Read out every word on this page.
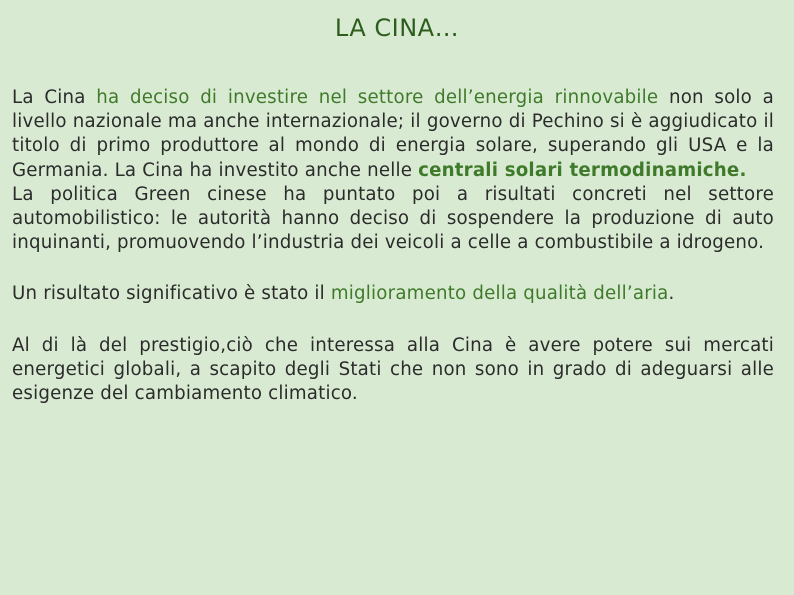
LA CINA…

La Cina ha deciso di investire nel settore dell’energia rinnovabile non solo a livello nazionale ma anche internazionale; il governo di Pechino si è aggiudicato il titolo di primo produttore al mondo di energia solare, superando gli USA e la Germania. La Cina ha investito anche nelle centrali solari termodinamiche.

La politica Green cinese ha puntato poi a risultati concreti nel settore automobilistico: le autorità hanno deciso di sospendere la produzione di auto inquinanti, promuovendo l’industria dei veicoli a celle a combustibile a idrogeno.

Un risultato significativo è stato il miglioramento della qualità dell’aria.

Al di là del prestigio,ciò che interessa alla Cina è avere potere sui mercati energetici globali, a scapito degli Stati che non sono in grado di adeguarsi alle esigenze del cambiamento climatico.
